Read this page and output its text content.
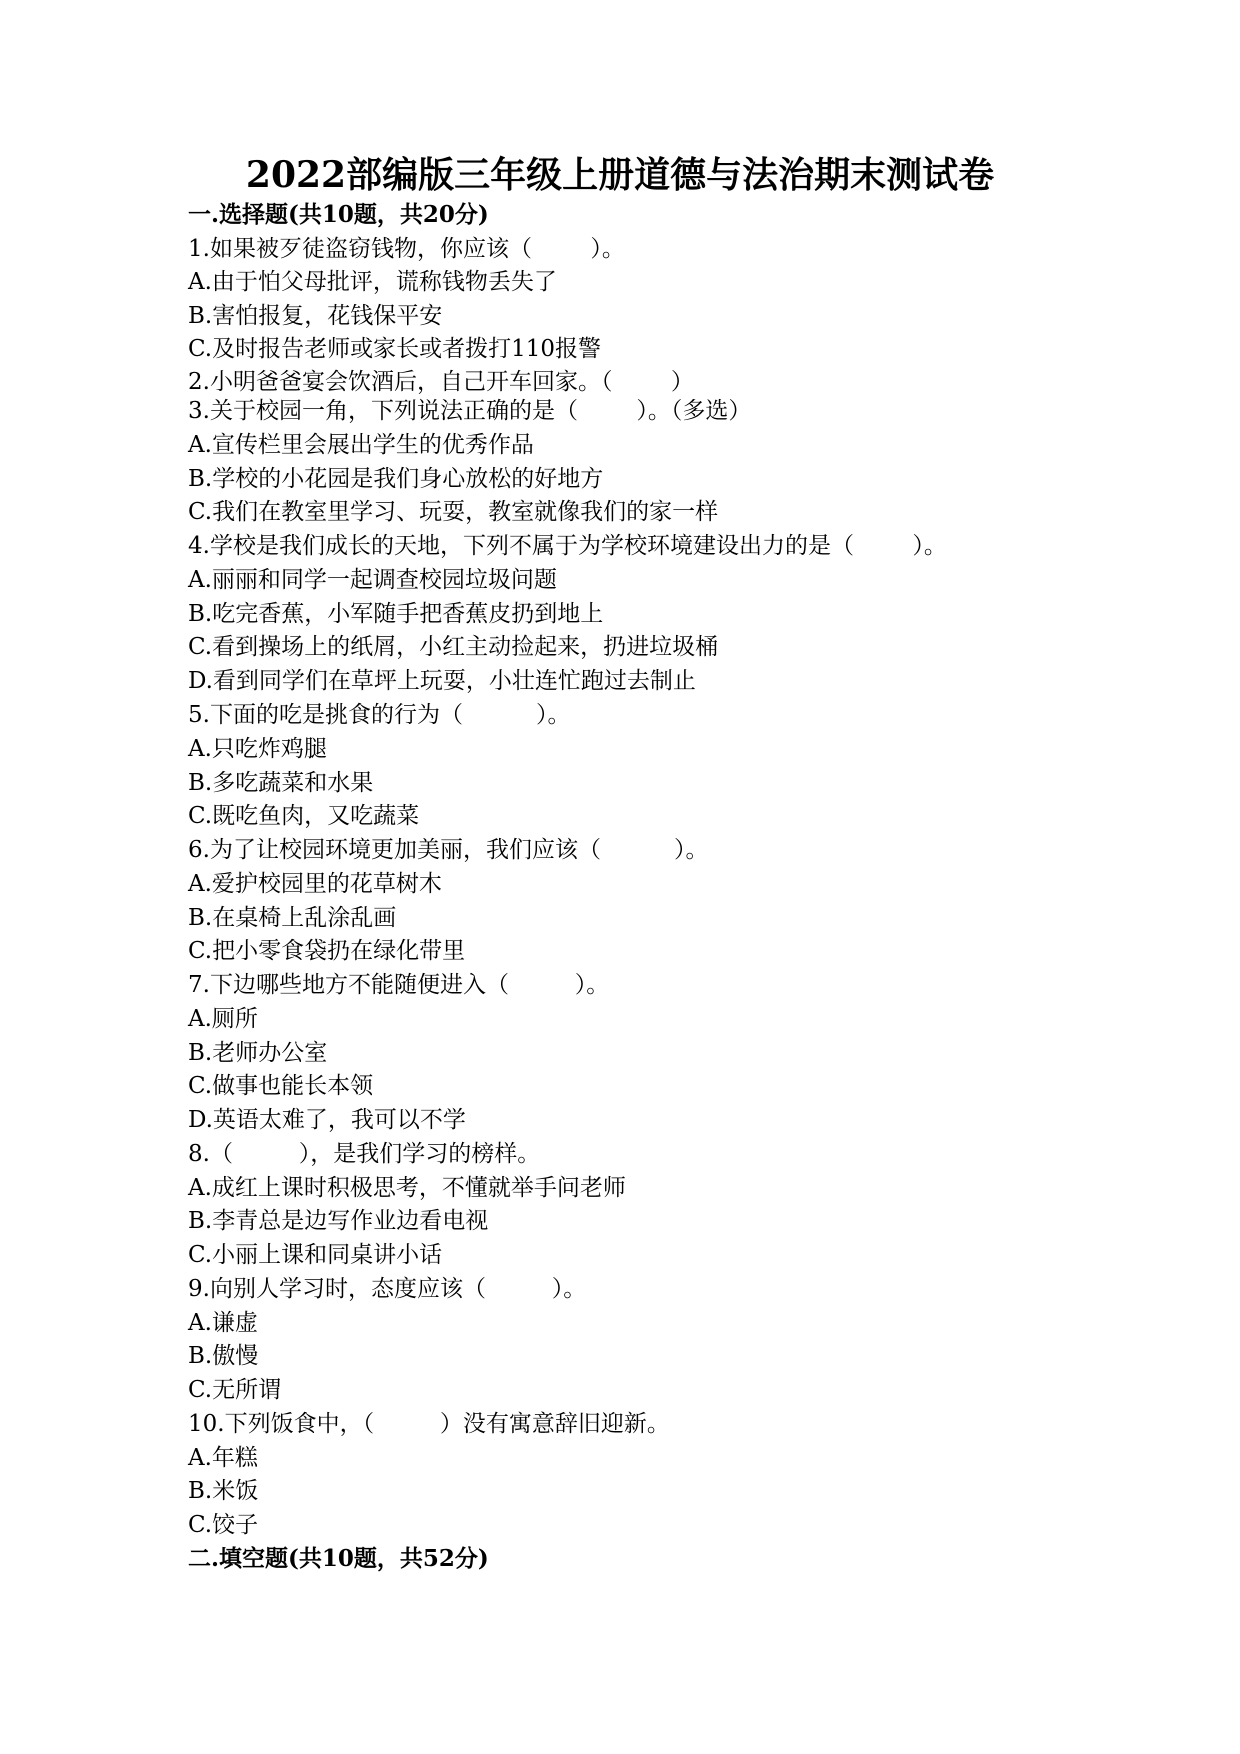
2022部编版三年级上册道德与法治期末测试卷
一.选择题(共10题，共20分)
1.如果被歹徒盗窃钱物，你应该（        ）。
A.由于怕父母批评，谎称钱物丢失了
B.害怕报复，花钱保平安
C.及时报告老师或家长或者拨打110报警
2.小明爸爸宴会饮酒后，自己开车回家。（        ）
3.关于校园一角，下列说法正确的是（        ）。（多选）
A.宣传栏里会展出学生的优秀作品
B.学校的小花园是我们身心放松的好地方
C.我们在教室里学习、玩耍，教室就像我们的家一样
4.学校是我们成长的天地，下列不属于为学校环境建设出力的是（        ）。
A.丽丽和同学一起调查校园垃圾问题
B.吃完香蕉，小军随手把香蕉皮扔到地上
C.看到操场上的纸屑，小红主动捡起来，扔进垃圾桶
D.看到同学们在草坪上玩耍，小壮连忙跑过去制止
5.下面的吃是挑食的行为（          ）。
A.只吃炸鸡腿
B.多吃蔬菜和水果
C.既吃鱼肉，又吃蔬菜
6.为了让校园环境更加美丽，我们应该（          ）。
A.爱护校园里的花草树木
B.在桌椅上乱涂乱画
C.把小零食袋扔在绿化带里
7.下边哪些地方不能随便进入（         ）。
A.厕所
B.老师办公室
C.做事也能长本领
D.英语太难了，我可以不学
8.（         ），是我们学习的榜样。
A.成红上课时积极思考，不懂就举手问老师
B.李青总是边写作业边看电视
C.小丽上课和同桌讲小话
9.向别人学习时，态度应该（         ）。
A.谦虚
B.傲慢
C.无所谓
10.下列饭食中，（         ）没有寓意辞旧迎新。
A.年糕
B.米饭
C.饺子
二.填空题(共10题，共52分)
